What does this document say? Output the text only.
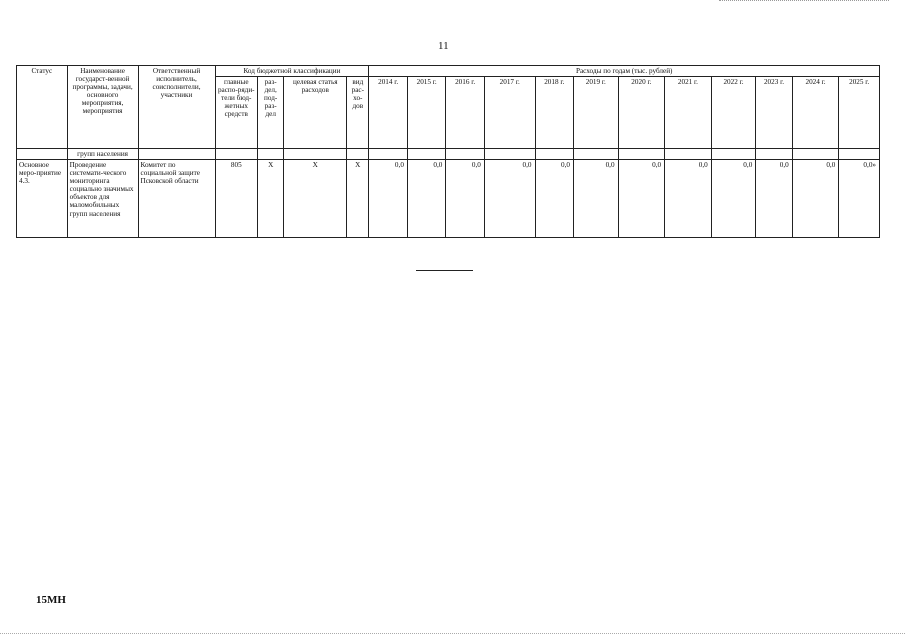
11
Статус	Наименование государст-венной программы, задачи, основного мероприятия, мероприятия	Ответственный исполнитель, соисполнители, участники	Код бюджетной классификации				Расходы по годам (тыс. рублей)											
			главные распо-ряди-тели бюд-жетных средств	раз-дел, под-раз-дел	целевая статья расходов	вид рас-хо-дов	2014 г.	2015 г.	2016 г.	2017 г.	2018 г.	2019 г.	2020 г.	2021 г.	2022 г.	2023 г.	2024 г.	2025 г.
	групп населения																	
Основное меро-приятие 4.3.	Проведение системати-ческого мониторинга социально значимых объектов для маломобильных групп населения	Комитет по социальной защите Псковской области	805	Х	Х	Х	0,0	0,0	0,0	0,0	0,0	0,0	0,0	0,0	0,0	0,0	0,0	0,0»
15МН
